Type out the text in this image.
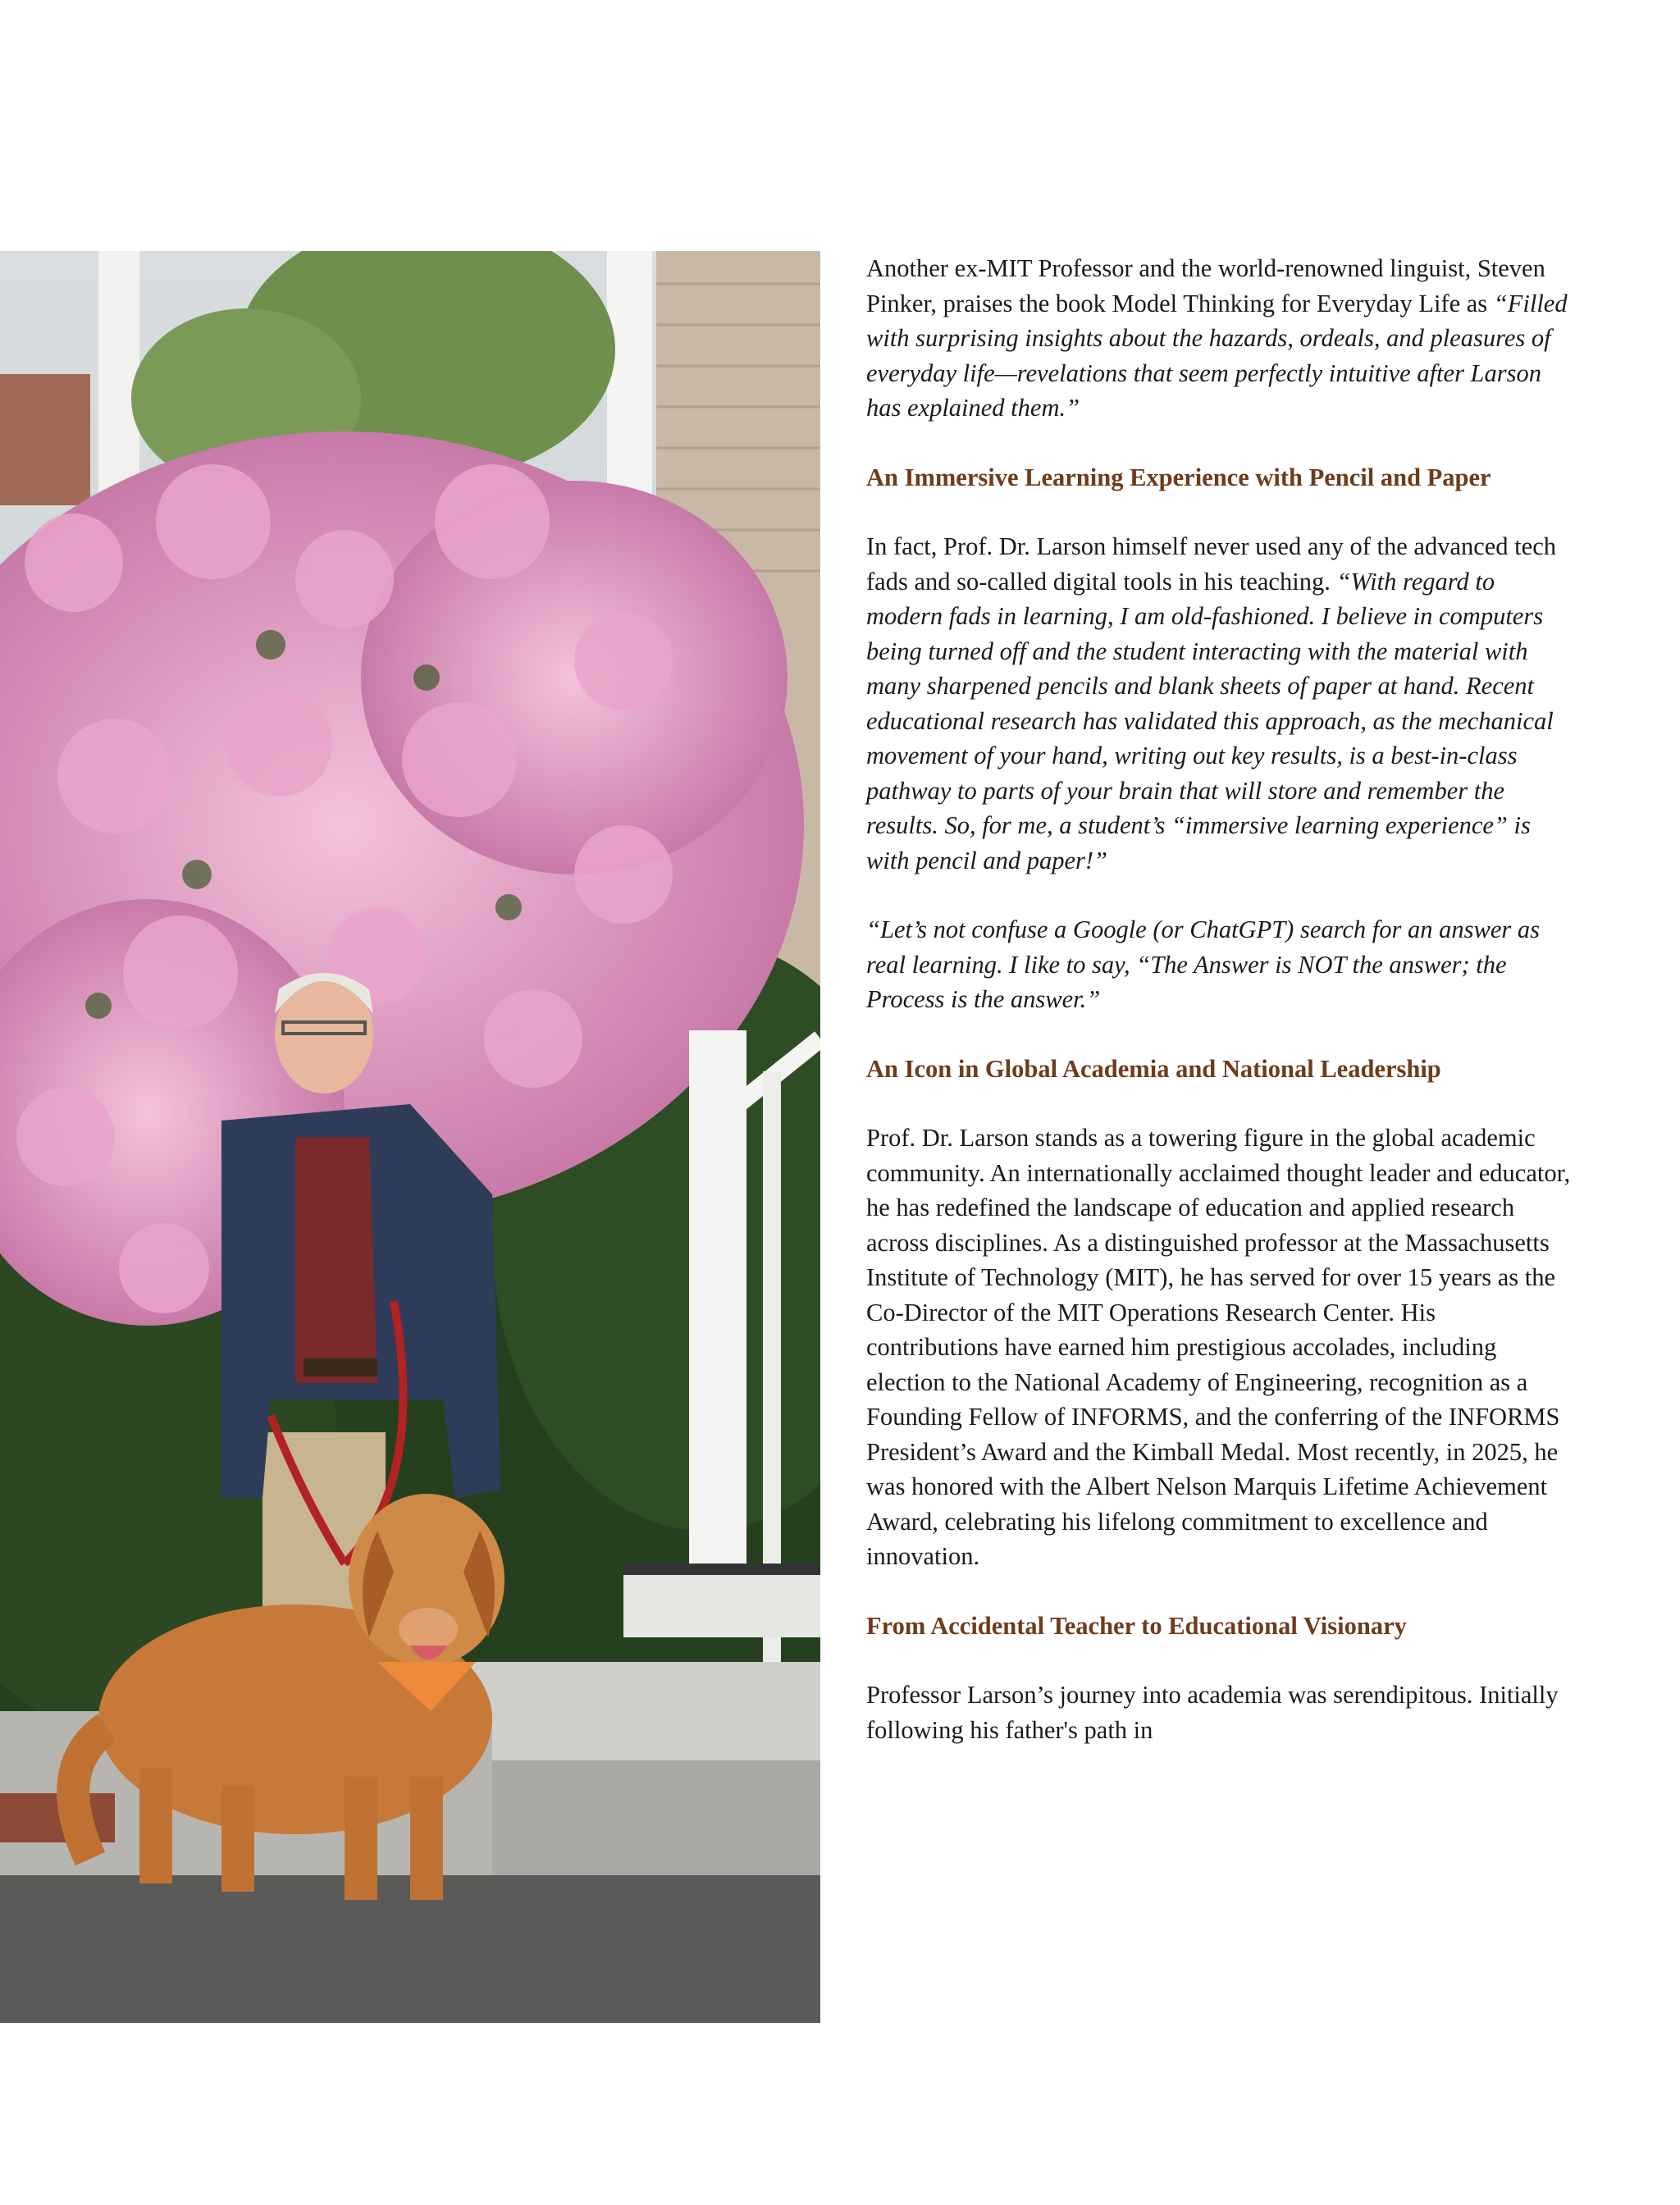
Another ex-MIT Professor and the world-renowned linguist, Steven Pinker, praises the book Model Thinking for Everyday Life as “Filled with surprising insights about the hazards, ordeals, and pleasures of everyday life—revelations that seem perfectly intuitive after Larson has explained them.”

An Immersive Learning Experience with Pencil and Paper

In fact, Prof. Dr. Larson himself never used any of the advanced tech fads and so-called digital tools in his teaching. “With regard to modern fads in learning, I am old-fashioned. I believe in computers being turned off and the student interacting with the material with many sharpened pencils and blank sheets of paper at hand. Recent educational research has validated this approach, as the mechanical movement of your hand, writing out key results, is a best-in-class pathway to parts of your brain that will store and remember the results. So, for me, a student’s “immersive learning experience” is with pencil and paper!”

“Let’s not confuse a Google (or ChatGPT) search for an answer as real learning. I like to say, “The Answer is NOT the answer; the Process is the answer.”

An Icon in Global Academia and National Leadership

Prof. Dr. Larson stands as a towering figure in the global academic community. An internationally acclaimed thought leader and educator, he has redefined the landscape of education and applied research across disciplines. As a distinguished professor at the Massachusetts Institute of Technology (MIT), he has served for over 15 years as the Co-Director of the MIT Operations Research Center. His contributions have earned him prestigious accolades, including election to the National Academy of Engineering, recognition as a Founding Fellow of INFORMS, and the conferring of the INFORMS President’s Award and the Kimball Medal. Most recently, in 2025, he was honored with the Albert Nelson Marquis Lifetime Achievement Award, celebrating his lifelong commitment to excellence and innovation.

From Accidental Teacher to Educational Visionary

Professor Larson’s journey into academia was serendipitous. Initially following his father's path in
